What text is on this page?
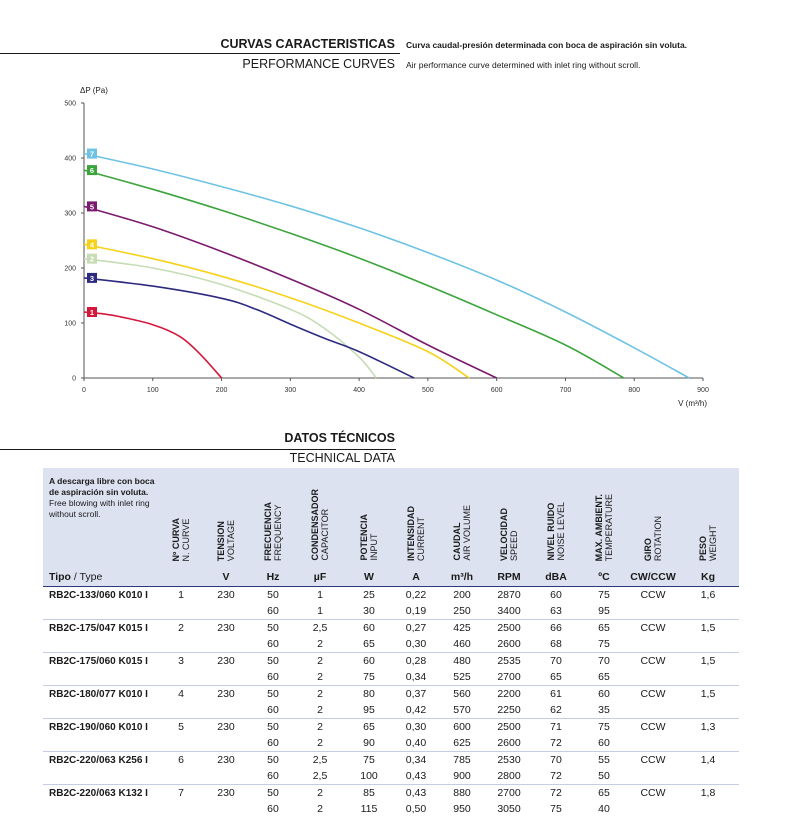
CURVAS CARACTERISTICAS
PERFORMANCE CURVES
Curva caudal-presión determinada con boca de aspiración sin voluta.
Air performance curve determined with inlet ring without scroll.
0	100	200	300	400	500	600	700	800	900
0
100
200
300
400
500
ΔP (Pa)
V (m³/h)
1
2
3
4
5
6
7
DATOS TÉCNICOS
TECHNICAL DATA
A descarga libre con boca de aspiración sin voluta.
Free blowing with inlet ring without scroll.	Nº CURVA
N. CURVE	TENSION
VOLTAGE	FRECUENCIA
FREQUENCY	CONDENSADOR
CAPACITOR	POTENCIA
INPUT	INTENSIDAD
CURRENT	CAUDAL
AIR VOLUME	VELOCIDAD
SPEED	NIVEL RUIDO
NOISE LEVEL	MAX. AMBIENT.
TEMPERATURE	GIRO
ROTATION	PESO
WEIGHT
Tipo / Type		V	Hz	µF	W	A	m³/h	RPM	dBA	ºC	CW/CCW	Kg
RB2C-133/060 K010 I	1	230	50	1	25	0,22	200	2870	60	75	CCW	1,6
			60	1	30	0,19	250	3400	63	95		
RB2C-175/047 K015 I	2	230	50	2,5	60	0,27	425	2500	66	65	CCW	1,5
			60	2	65	0,30	460	2600	68	75		
RB2C-175/060 K015 I	3	230	50	2	60	0,28	480	2535	70	70	CCW	1,5
			60	2	75	0,34	525	2700	65	65		
RB2C-180/077 K010 I	4	230	50	2	80	0,37	560	2200	61	60	CCW	1,5
			60	2	95	0,42	570	2250	62	35		
RB2C-190/060 K010 I	5	230	50	2	65	0,30	600	2500	71	75	CCW	1,3
			60	2	90	0,40	625	2600	72	60		
RB2C-220/063 K256 I	6	230	50	2,5	75	0,34	785	2530	70	55	CCW	1,4
			60	2,5	100	0,43	900	2800	72	50		
RB2C-220/063 K132 I	7	230	50	2	85	0,43	880	2700	72	65	CCW	1,8
			60	2	115	0,50	950	3050	75	40		
